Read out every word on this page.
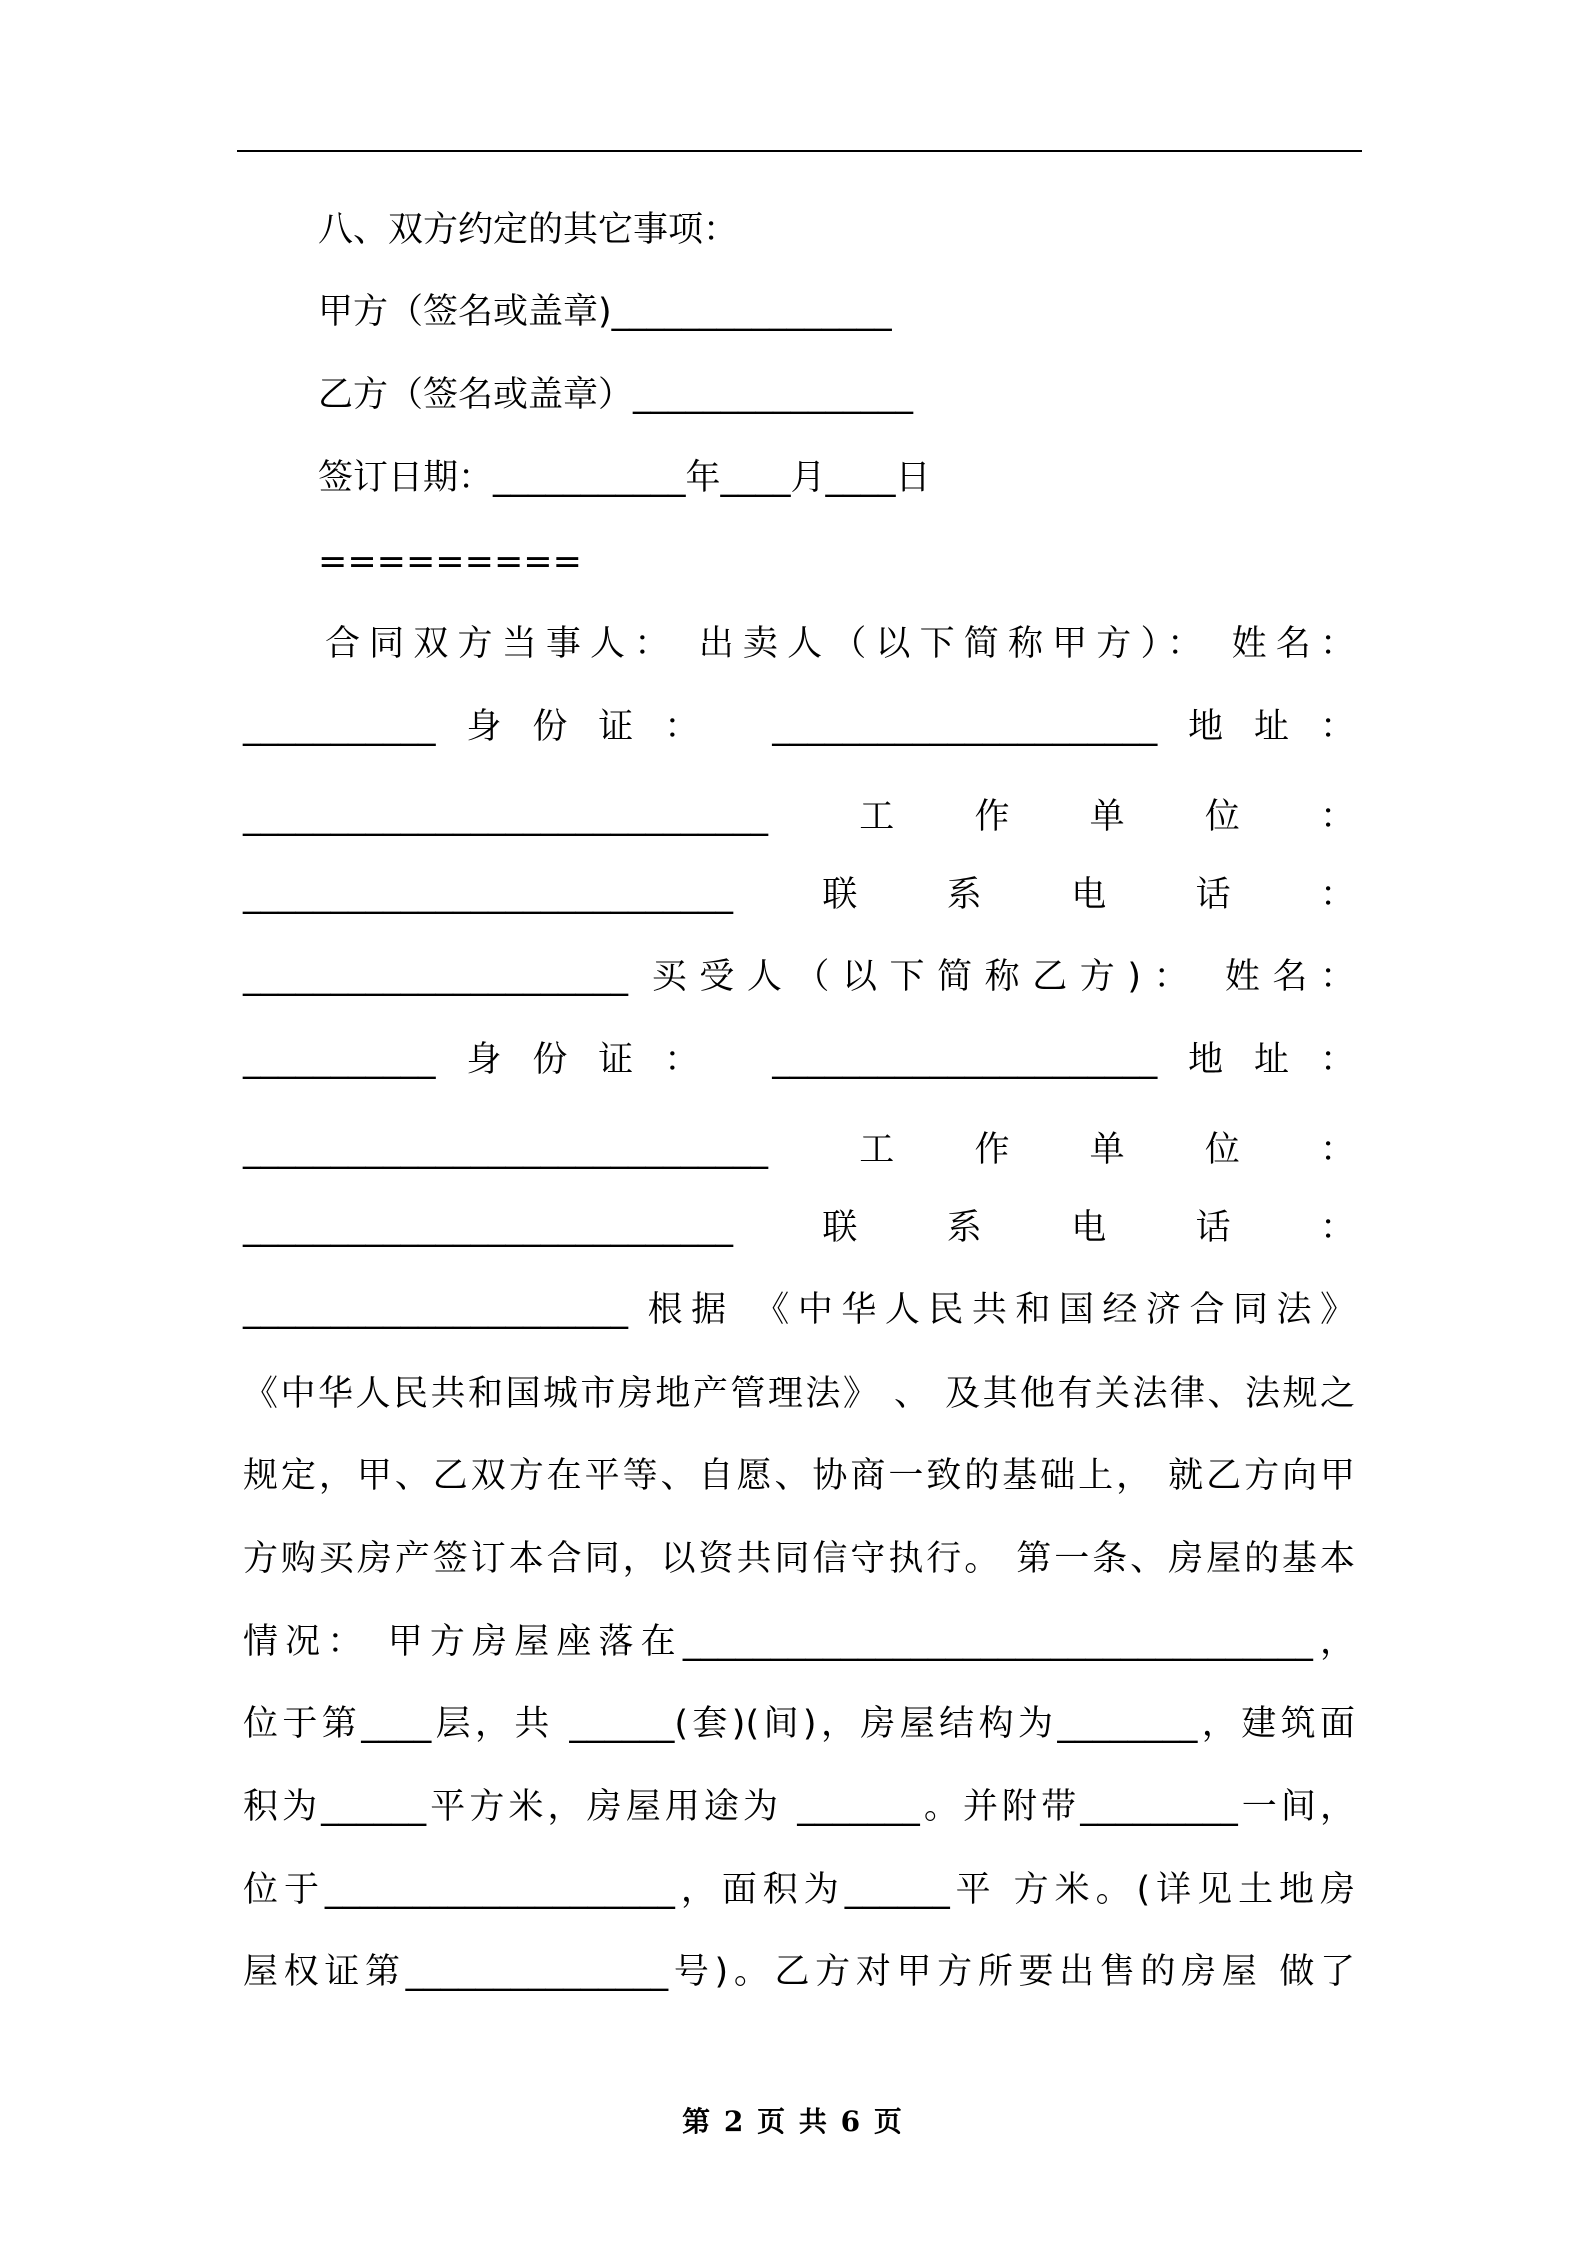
八、双方约定的其它事项：
甲方（签名或盖章)________________
乙方（签名或盖章）________________
签订日期：___________年____月____日
=========
合同双方当事人： 出卖人（以下简称甲方）： 姓名：
___________身份证： ______________________地址：
______________________________ 工作单位：
____________________________联系电话：
______________________ 买受人（以下简称乙方)： 姓名：
___________身份证： ______________________地址：
______________________________ 工作单位：
____________________________联系电话：
______________________ 根据 《中华人民共和国经济合同法》
《中华人民共和国城市房地产管理法》 、 及其他有关法律、法规之
规定，甲、乙双方在平等、自愿、协商一致的基础上， 就乙方向甲
方购买房产签订本合同，以资共同信守执行。 第一条、房屋的基本
情况： 甲方房屋座落在____________________________________，
位于第____层，共 ______(套)(间)，房屋结构为________，建筑面
积为______平方米，房屋用途为 _______。并附带_________一间，
位于____________________，面积为______平 方米。(详见土地房
屋权证第_______________号)。乙方对甲方所要出售的房屋 做了
第 2 页 共 6 页
